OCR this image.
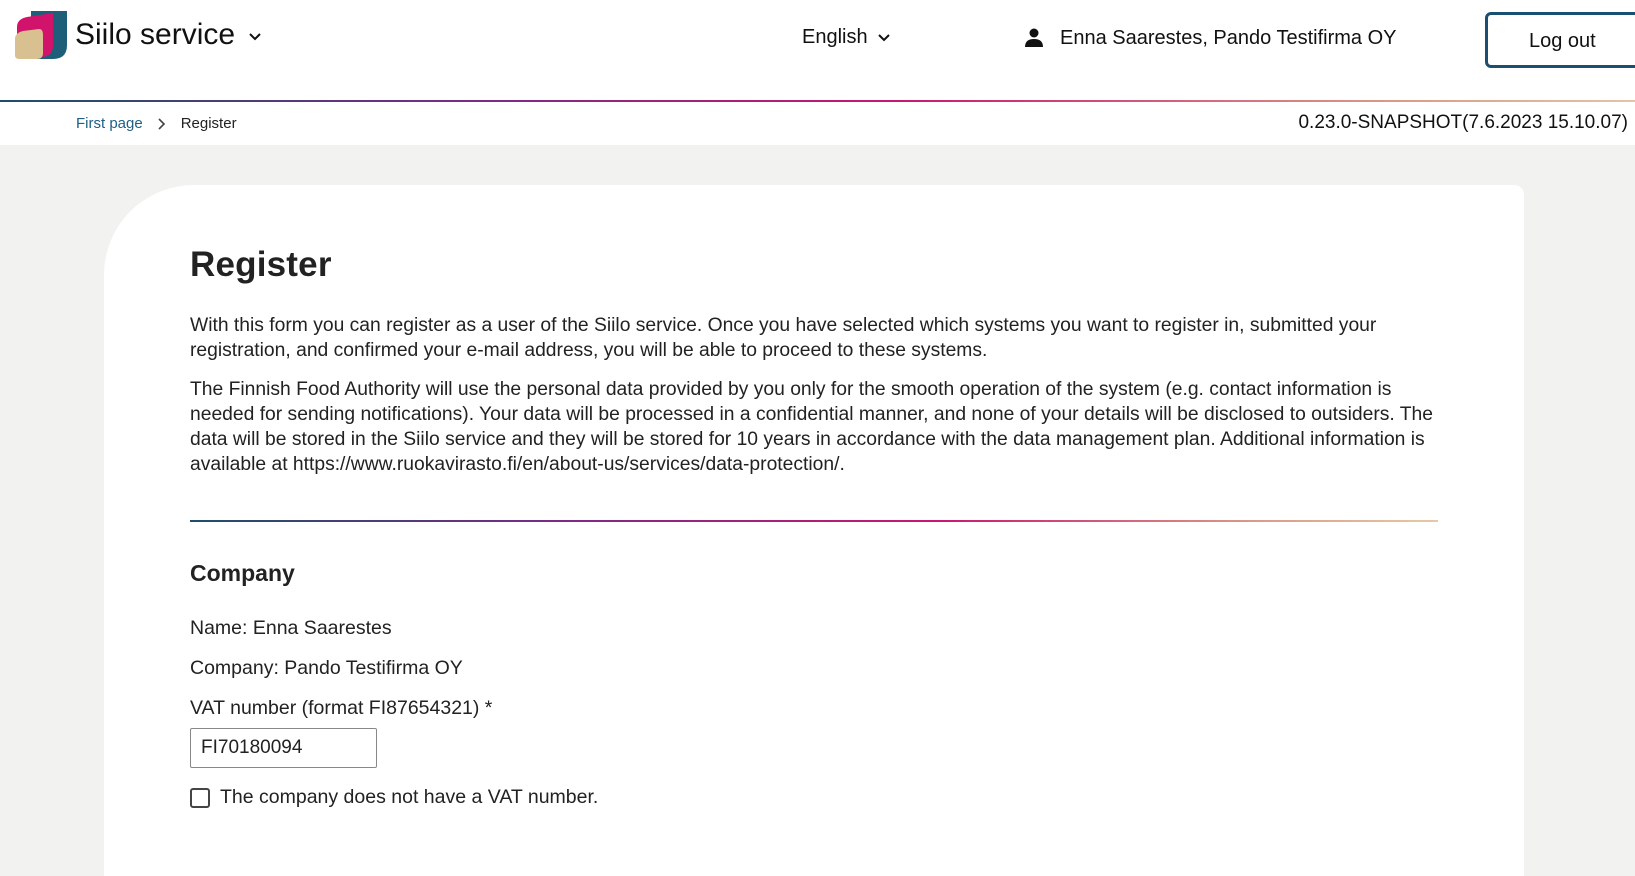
Siilo service	English	Enna Saarestes, Pando Testifirma OY	Log out
First page	Register	0.23.0-SNAPSHOT(7.6.2023 15.10.07)
Register

With this form you can register as a user of the Siilo service. Once you have selected which systems you want to register in, submitted your registration, and confirmed your e-mail address, you will be able to proceed to these systems.

The Finnish Food Authority will use the personal data provided by you only for the smooth operation of the system (e.g. contact information is needed for sending notifications). Your data will be processed in a confidential manner, and none of your details will be disclosed to outsiders. The data will be stored in the Siilo service and they will be stored for 10 years in accordance with the data management plan. Additional information is available at https://www.ruokavirasto.fi/en/about-us/services/data-protection/.

Company
Name: Enna Saarestes
Company: Pando Testifirma OY
VAT number (format FI87654321) *
FI70180094
The company does not have a VAT number.
